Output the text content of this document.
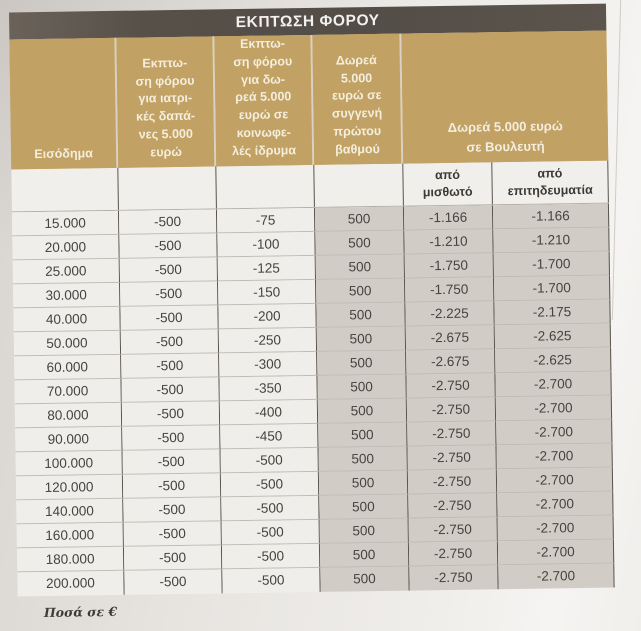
ΕΚΠΤΩΣΗ ΦΟΡΟΥ
Εισόδημα
Εκπτω-
ση φόρου
για ιατρι-
κές δαπά-
νες 5.000
ευρώ
Εκπτω-
ση φόρου
για δω-
ρεά 5.000
ευρώ σε
κοινωφε-
λές ίδρυμα
Δωρεά
5.000
ευρώ σε
συγγενή
πρώτου
βαθμού
Δωρεά 5.000 ευρώ
σε Βουλευτή
από
μισθωτό
από
επιτηδευματία
15.000	-500	-75	500	-1.166	-1.166
20.000	-500	-100	500	-1.210	-1.210
25.000	-500	-125	500	-1.750	-1.700
30.000	-500	-150	500	-1.750	-1.700
40.000	-500	-200	500	-2.225	-2.175
50.000	-500	-250	500	-2.675	-2.625
60.000	-500	-300	500	-2.675	-2.625
70.000	-500	-350	500	-2.750	-2.700
80.000	-500	-400	500	-2.750	-2.700
90.000	-500	-450	500	-2.750	-2.700
100.000	-500	-500	500	-2.750	-2.700
120.000	-500	-500	500	-2.750	-2.700
140.000	-500	-500	500	-2.750	-2.700
160.000	-500	-500	500	-2.750	-2.700
180.000	-500	-500	500	-2.750	-2.700
200.000	-500	-500	500	-2.750	-2.700
Ποσά σε €
